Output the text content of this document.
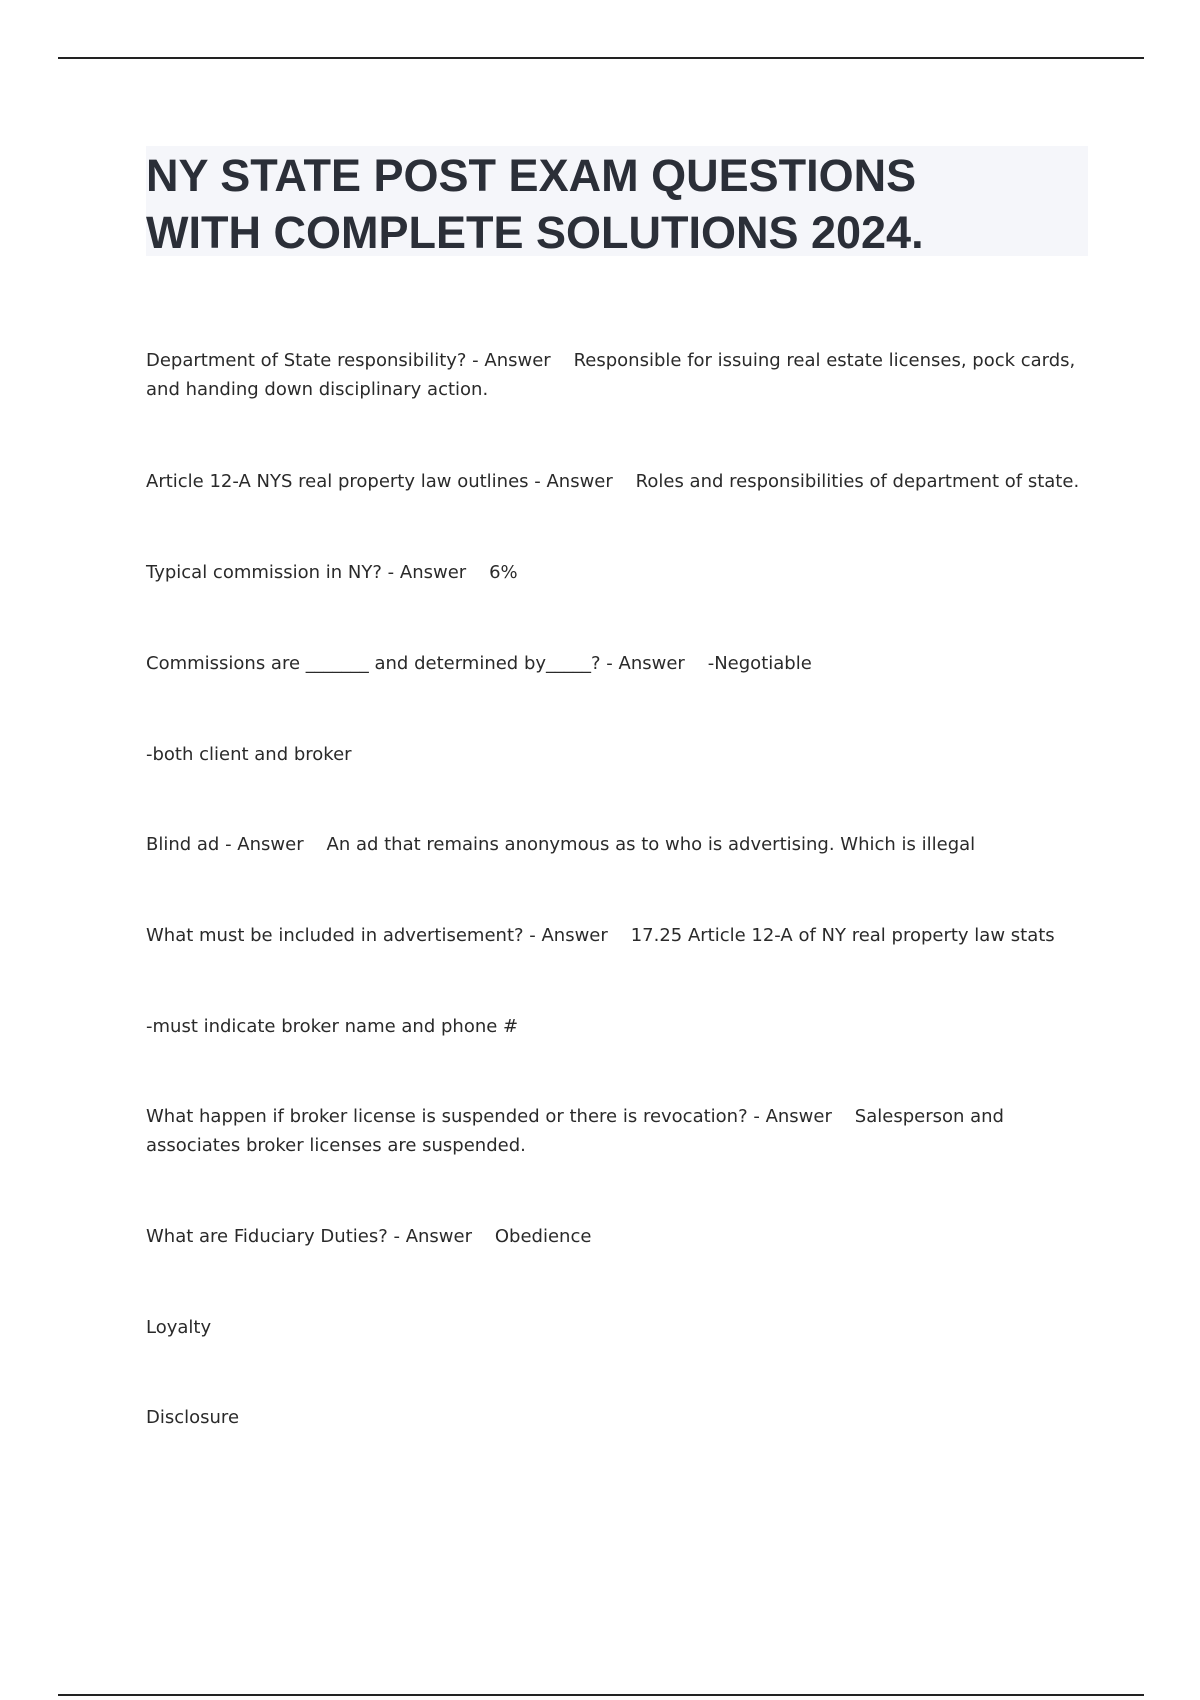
NY STATE POST EXAM QUESTIONS
WITH COMPLETE SOLUTIONS 2024.

Department of State responsibility? - Answer Responsible for issuing real estate licenses, pock cards, and handing down disciplinary action.

Article 12-A NYS real property law outlines - Answer Roles and responsibilities of department of state.

Typical commission in NY? - Answer 6%

Commissions are _______ and determined by_____? - Answer -Negotiable

-both client and broker

Blind ad - Answer An ad that remains anonymous as to who is advertising. Which is illegal

What must be included in advertisement? - Answer 17.25 Article 12-A of NY real property law stats

-must indicate broker name and phone #

What happen if broker license is suspended or there is revocation? - Answer Salesperson and associates broker licenses are suspended.

What are Fiduciary Duties? - Answer Obedience

Loyalty

Disclosure
